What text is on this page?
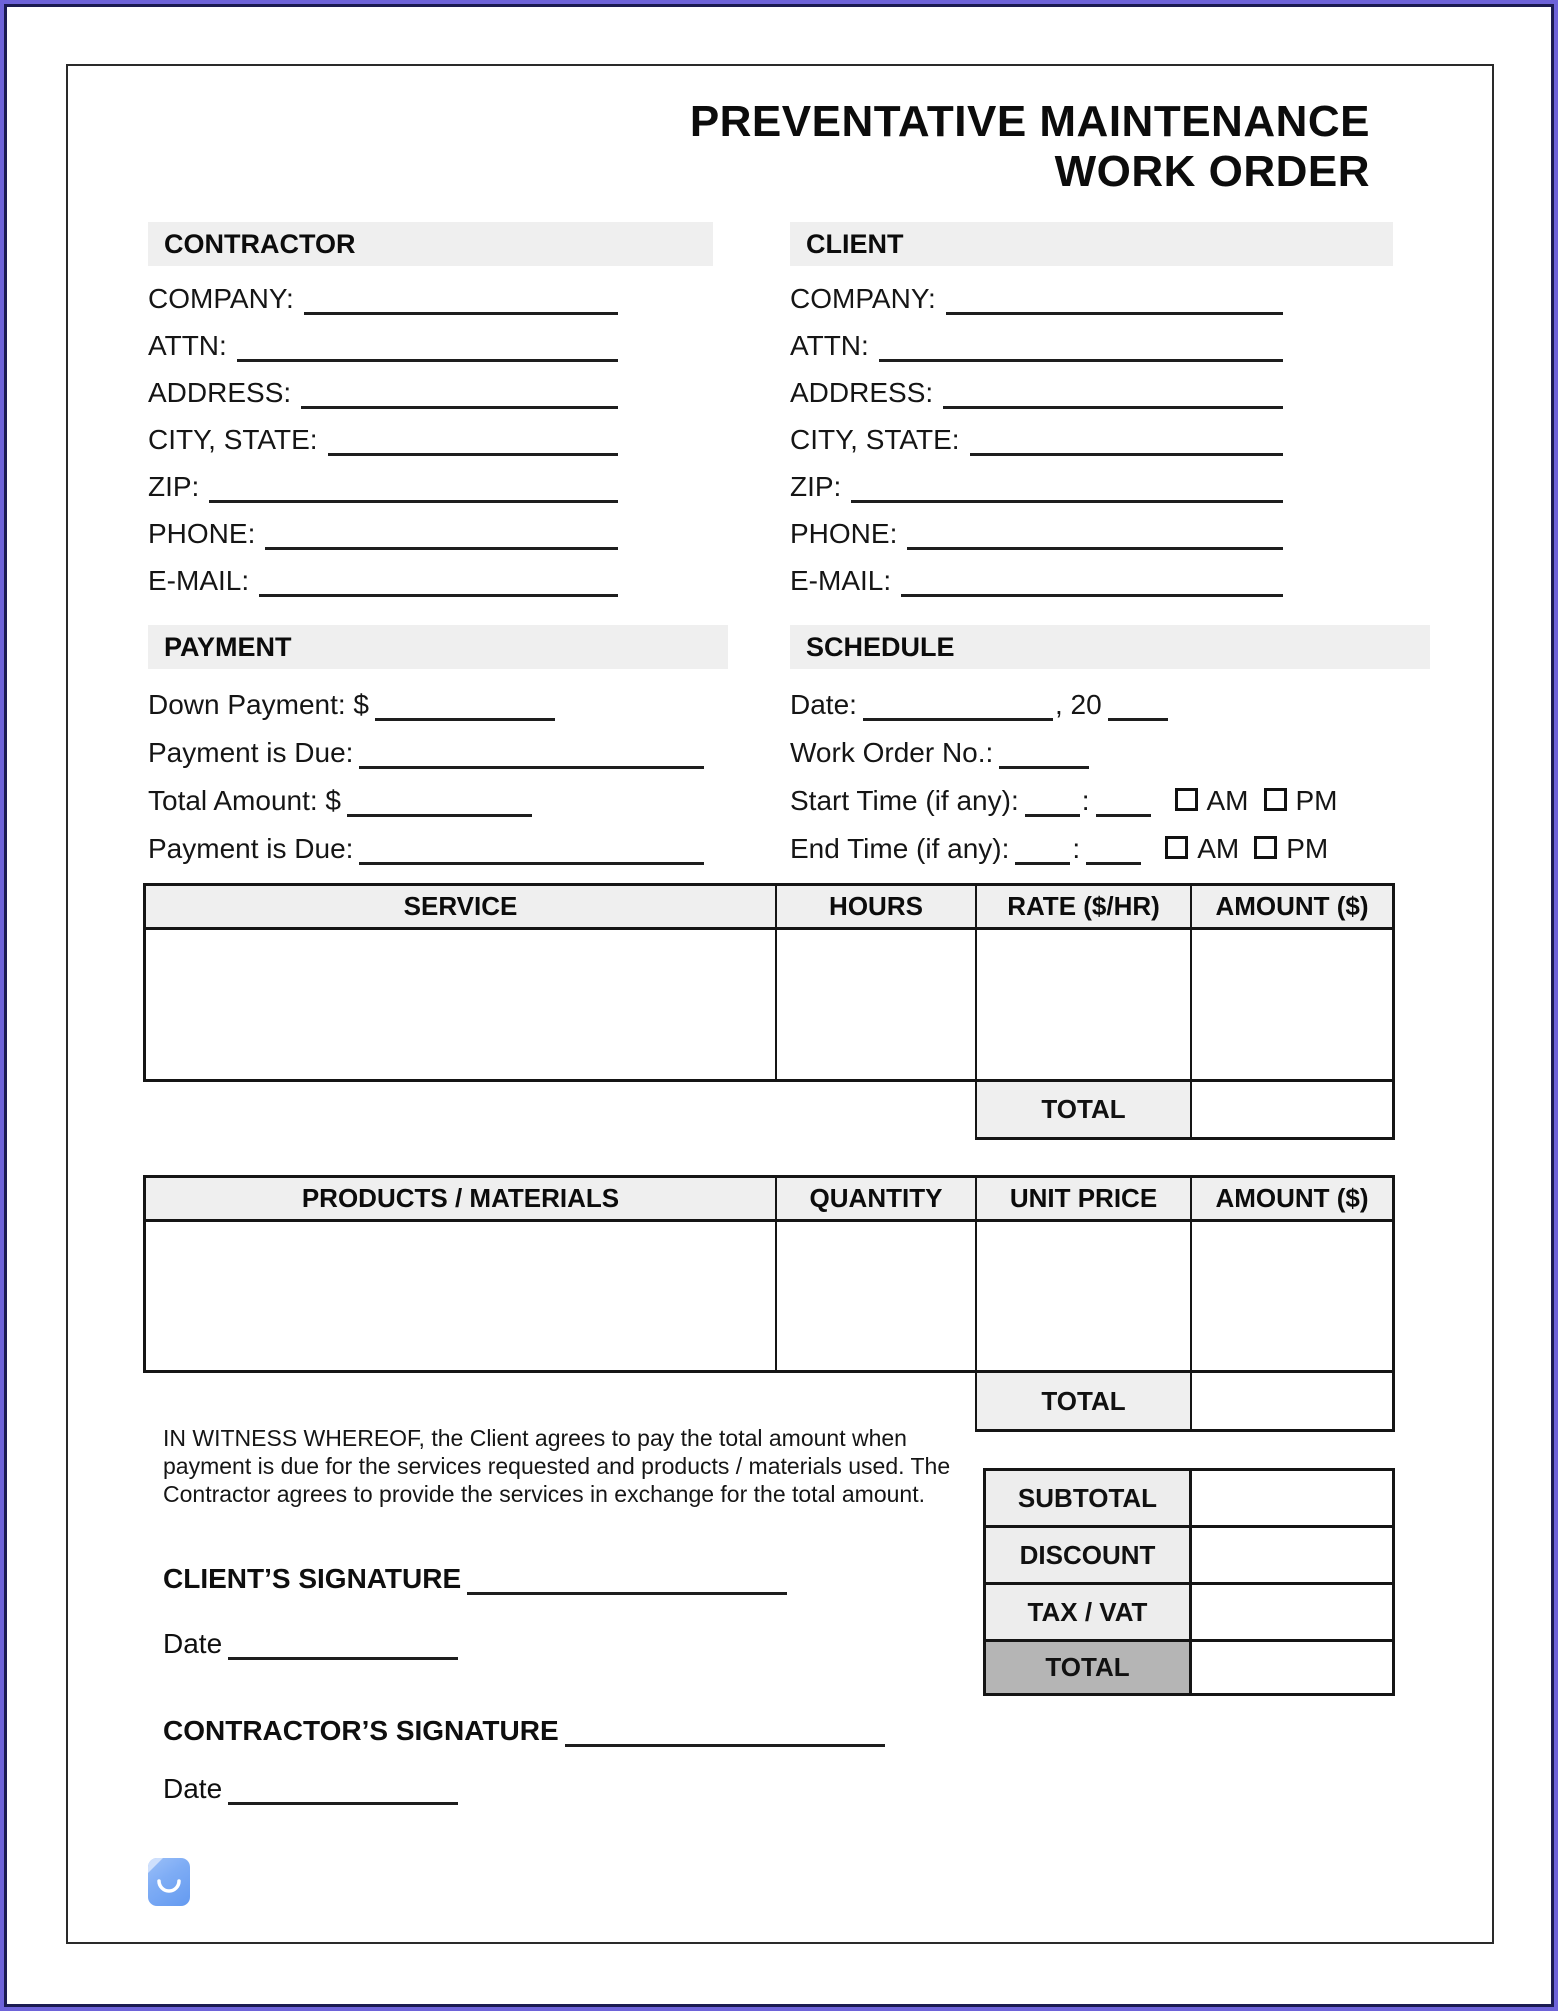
PREVENTATIVE MAINTENANCE
WORK ORDER
CONTRACTOR
COMPANY:
ATTN:
ADDRESS:
CITY, STATE:
ZIP:
PHONE:
E-MAIL:
CLIENT
COMPANY:
ATTN:
ADDRESS:
CITY, STATE:
ZIP:
PHONE:
E-MAIL:
PAYMENT
Down Payment: $
Payment is Due:
Total Amount: $
Payment is Due:
SCHEDULE
Date:	, 20
Work Order No.:
Start Time (if any): :	AM PM
End Time (if any): :	AM PM
SERVICE	HOURS	RATE ($/HR)	AMOUNT ($)
TOTAL
PRODUCTS / MATERIALS	QUANTITY	UNIT PRICE	AMOUNT ($)
TOTAL
IN WITNESS WHEREOF, the Client agrees to pay the total amount when payment is due for the services requested and products / materials used. The Contractor agrees to provide the services in exchange for the total amount.	SUBTOTAL
DISCOUNT
TAX / VAT
TOTAL
CLIENT’S SIGNATURE
Date
CONTRACTOR’S SIGNATURE
Date
